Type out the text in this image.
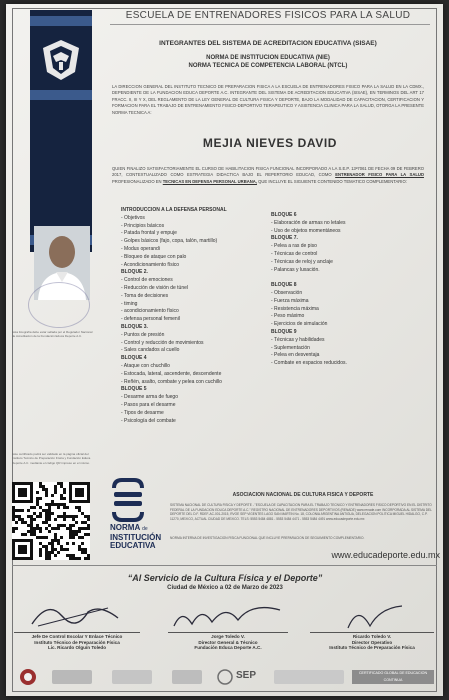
ESCUELA DE ENTRENADORES FISICOS PARA LA SALUD
INTEGRANTES DEL SISTEMA DE ACREDITACION EDUCATIVA (SISAE)
NORMA DE INSTITUCION EDUCATIVA (NIE)
NORMA TECNICA DE COMPETENCIA LABORAL (NTCL)
LA DIRECCION GENERAL DEL INSTITUTO TECNICO DE PREPARACION FISICA A LA ESCUELA DE ENTRENADORES FISICO PARA LA SALUD EN LA CDMX., DEPENDIENTE DE LA FUNDACION EDUCA DEPORTE A.C. INTEGRANTE DEL SISTEMA DE ACREDITACION EDUCATIVA (SISAE), EN TERMINOS DEL ART 17 FRACC. II, III Y X, DEL REGLAMENTO DE LA LEY GENERAL DE CULTURA FISICA Y DEPORTE, BAJO LA MODALIDAD DE CAPACITACION, CERTIFICACION Y FORMACION PARA EL TRABAJO DE ENTRENAMIENTO FISICO-DEPORTIVO TERAPEUTICO Y ASISTENCIA CLINICA PARA LA SALUD, OTORGA LA PRESENTE NORMA TECNICA A:
MEJIA NIEVES DAVID
QUIEN FINALIZO SATISFACTORIAMENTE EL CURSO DE HABILITACION FISICA FUNCIONAL INCORPORADO A LA S.E.P. 13ª7061 DE FECHA 09 DE FEBRERO 2017, CONTEXTUALIZADO COMO ESTRATEGIA DIDACTICA BAJO EL REPERTORIO EDUCAD, COMO ENTRENADOR FISICO PARA LA SALUD PROFESIONALIZADO EN TECNICAS EN DEFENSA PERSONAL URBANA, QUE INCLUYE EL SIGUIENTE CONTENIDO TEMATICO COMPLEMENTARIO:
INTRODUCCION A LA DEFENSA PERSONAL
- Objetivos
- Principios básicos
- Patada frontal y empuje
- Golpes básicos (fajo, copa, talón, martillo)
- Modus operandi
- Bloqueo de ataque con palo
- Acondicionamiento físico
BLOQUE 2.
- Control de emociones
- Reducción de visión de túnel
- Toma de decisiones
- timing
- acondicionamiento físico
- defensa personal femenil
BLOQUE 3.
- Puntos de presión
- Control y reducción de movimientos
- Sales candados al cuello
BLOQUE 4
- Ataque con chuchillo
- Estocada, lateral, ascendente, descendente
- Reñén, asalto, combate y pelea con cuchillo
BLOQUE 5
- Desarme arma de fuego
- Pasos para el desarme
- Tipos de desarme
- Psicología del combate
BLOQUE 6
- Elaboración de armas no letales
- Uso de objetos momentáneos
BLOQUE 7.
- Pelea a ras de piso
- Técnicas de control
- Técnicas de reloj y anclaje
- Palancas y luxación.

BLOQUE 8
- Observación
- Fuerza máxima
- Resistencia máxima
- Peso máximo
- Ejercicios de simulación
BLOQUE 9
- Técnicas y habilidades
- Suplementación
- Pelea en desventaja
- Combate en espacios reducidos.
Esta fotografía debe estar sellada por el Regulador Nacional de Acreditación de la Fundación Educa Deporte A.C.
Este certificado podrá ser validado en la página oficial del Instituto Técnico de Preparación Física y Fundación Educa Deporte A.C. mediante el código QR impreso en el mismo.
NORMA de
INSTITUCIÓN
EDUCATIVA
ASOCIACION NACIONAL DE CULTURA FISICA Y DEPORTE
SISTEMA NACIONAL DE CULTURA FISICA Y DEPORTE - "ESCUELA DE CAPACITACION PARA EL TRABAJO TECNICO Y ENTRENADORES FISICO DEPORTIVO EN EL DISTRITO FEDERAL DE LA FUNDACION EDUCA DEPORTE A.C." REGISTRO NACIONAL DE ENTRENADORES DEPORTIVOS (RENADE) www.renade.com INCORPORADA AL SISTEMA DEL DEPORTE DEL D.F. RDEF-AC-001-2015, RVOE SEP VIGENTES LAGO SAN MARTIN No. 18, COLONIA ARGENTINA ANTIGUA, DELEGACION POLITICA MIGUEL HIDALGO, C.P. 11270, MEXICO, ACTUAL CIUDAD DE MEXICO. TELS: 5553 5484 4881 - 5553 5484 4471 - 5553 5484 4491 www.educadeporte.edu.mx
NORMA INTERNA DE INVESTIGACION FISICA FUNCIONAL QUE INCLUYE PREPARACION DE SEGUIMIENTO COMPLEMENTARIO.
www.educadeporte.edu.mx
“Al Servicio de la Cultura Física y el Deporte”
Ciudad de México a 02 de Marzo de 2023
Jefe De Control Escolar Y Enlace Técnico
Instituto Técnico de Preparación Física
Lic. Ricardo Olguín Toledo
Jorge Toledo V.
Director General & Técnico
Fundación Educa Deporte A.C.
Ricardo Toledo V.
Director Operativo
Instituto Técnico de Preparación Física
SEP	CERTIFICADO GLOBAL DE EDUCACION CONTINUA
